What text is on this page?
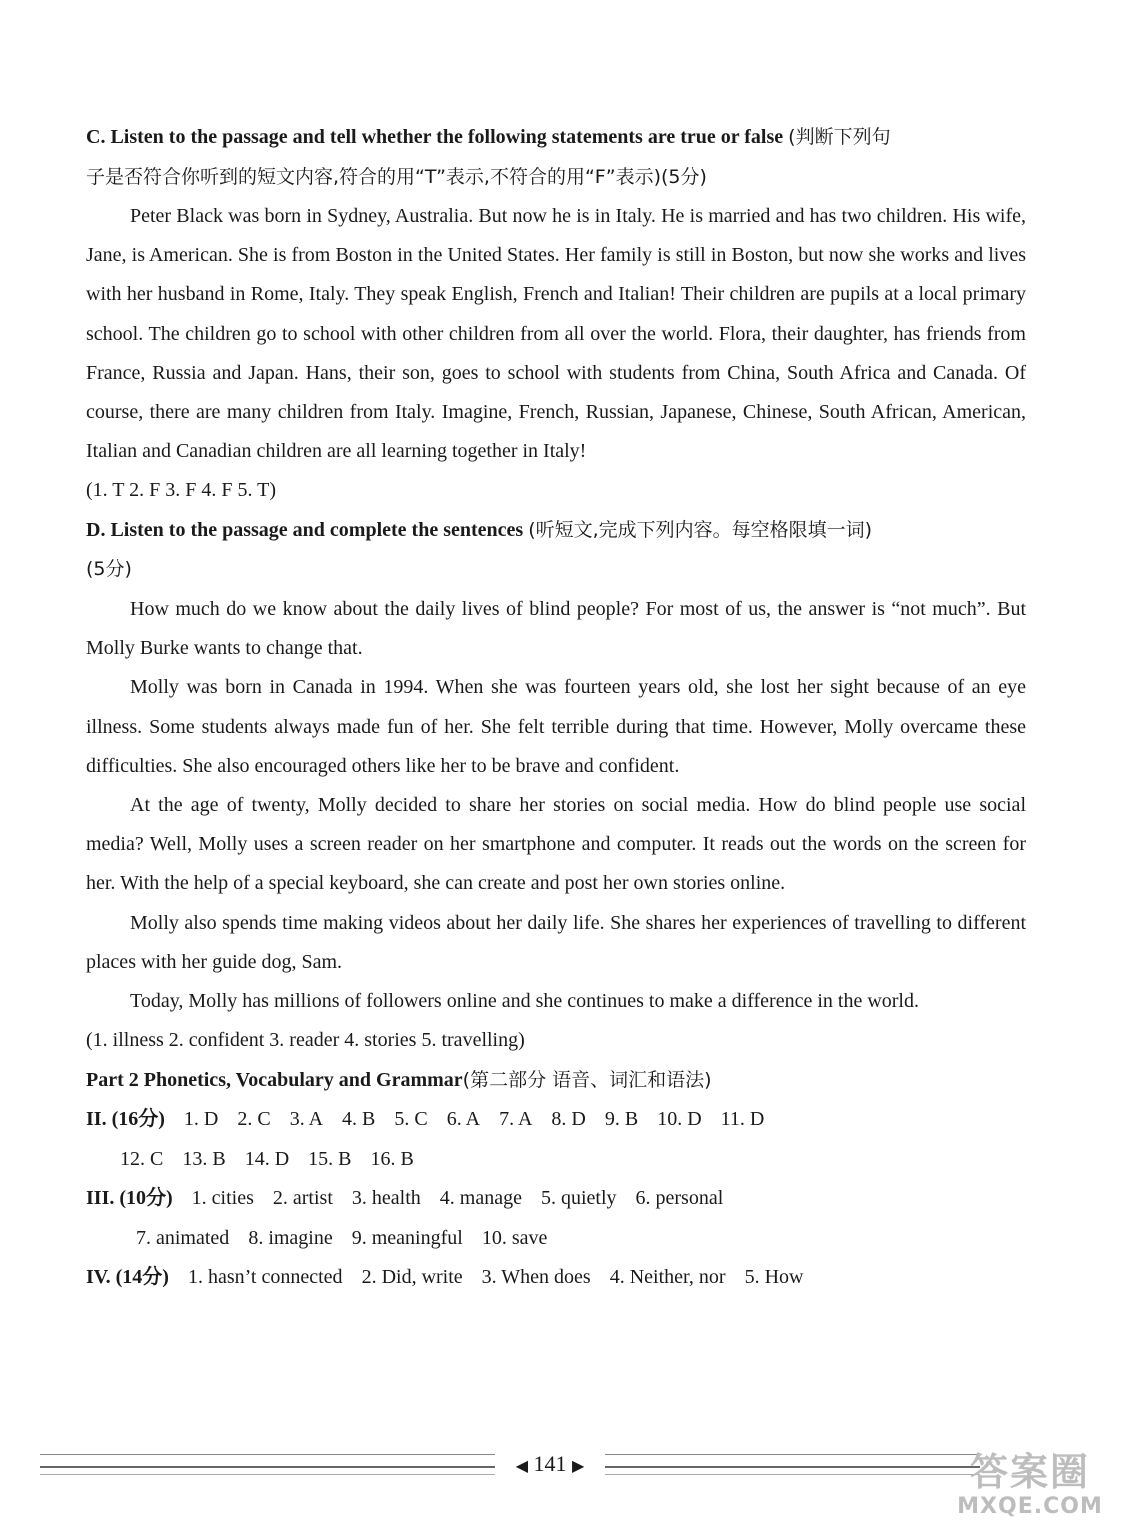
C. Listen to the passage and tell whether the following statements are true or false (判断下列句
子是否符合你听到的短文内容,符合的用“T”表示,不符合的用“F”表示)(5分)

Peter Black was born in Sydney, Australia. But now he is in Italy. He is married and has two children. His wife, Jane, is American. She is from Boston in the United States. Her family is still in Boston, but now she works and lives with her husband in Rome, Italy. They speak English, French and Italian! Their children are pupils at a local primary school. The children go to school with other children from all over the world. Flora, their daughter, has friends from France, Russia and Japan. Hans, their son, goes to school with students from China, South Africa and Canada. Of course, there are many children from Italy. Imagine, French, Russian, Japanese, Chinese, South African, American, Italian and Canadian children are all learning together in Italy!

(1. T 2. F 3. F 4. F 5. T)
D. Listen to the passage and complete the sentences (听短文,完成下列内容。每空格限填一词)
(5分)

How much do we know about the daily lives of blind people? For most of us, the answer is “not much”. But Molly Burke wants to change that.

Molly was born in Canada in 1994. When she was fourteen years old, she lost her sight because of an eye illness. Some students always made fun of her. She felt terrible during that time. However, Molly overcame these difficulties. She also encouraged others like her to be brave and confident.

At the age of twenty, Molly decided to share her stories on social media. How do blind people use social media? Well, Molly uses a screen reader on her smartphone and computer. It reads out the words on the screen for her. With the help of a special keyboard, she can create and post her own stories online.

Molly also spends time making videos about her daily life. She shares her experiences of travelling to different places with her guide dog, Sam.

Today, Molly has millions of followers online and she continues to make a difference in the world.

(1. illness 2. confident 3. reader 4. stories 5. travelling)
Part 2 Phonetics, Vocabulary and Grammar(第二部分 语音、词汇和语法)
II. (16分) 1. D 2. C 3. A 4. B 5. C 6. A 7. A 8. D 9. B 10. D 11. D
12. C 13. B 14. D 15. B 16. B
III. (10分) 1. cities 2. artist 3. health 4. manage 5. quietly 6. personal
7. animated 8. imagine 9. meaningful 10. save
IV. (14分) 1. hasn’t connected 2. Did, write 3. When does 4. Neither, nor 5. How
◀ 141 ▶	答案圈
MXQE.COM
